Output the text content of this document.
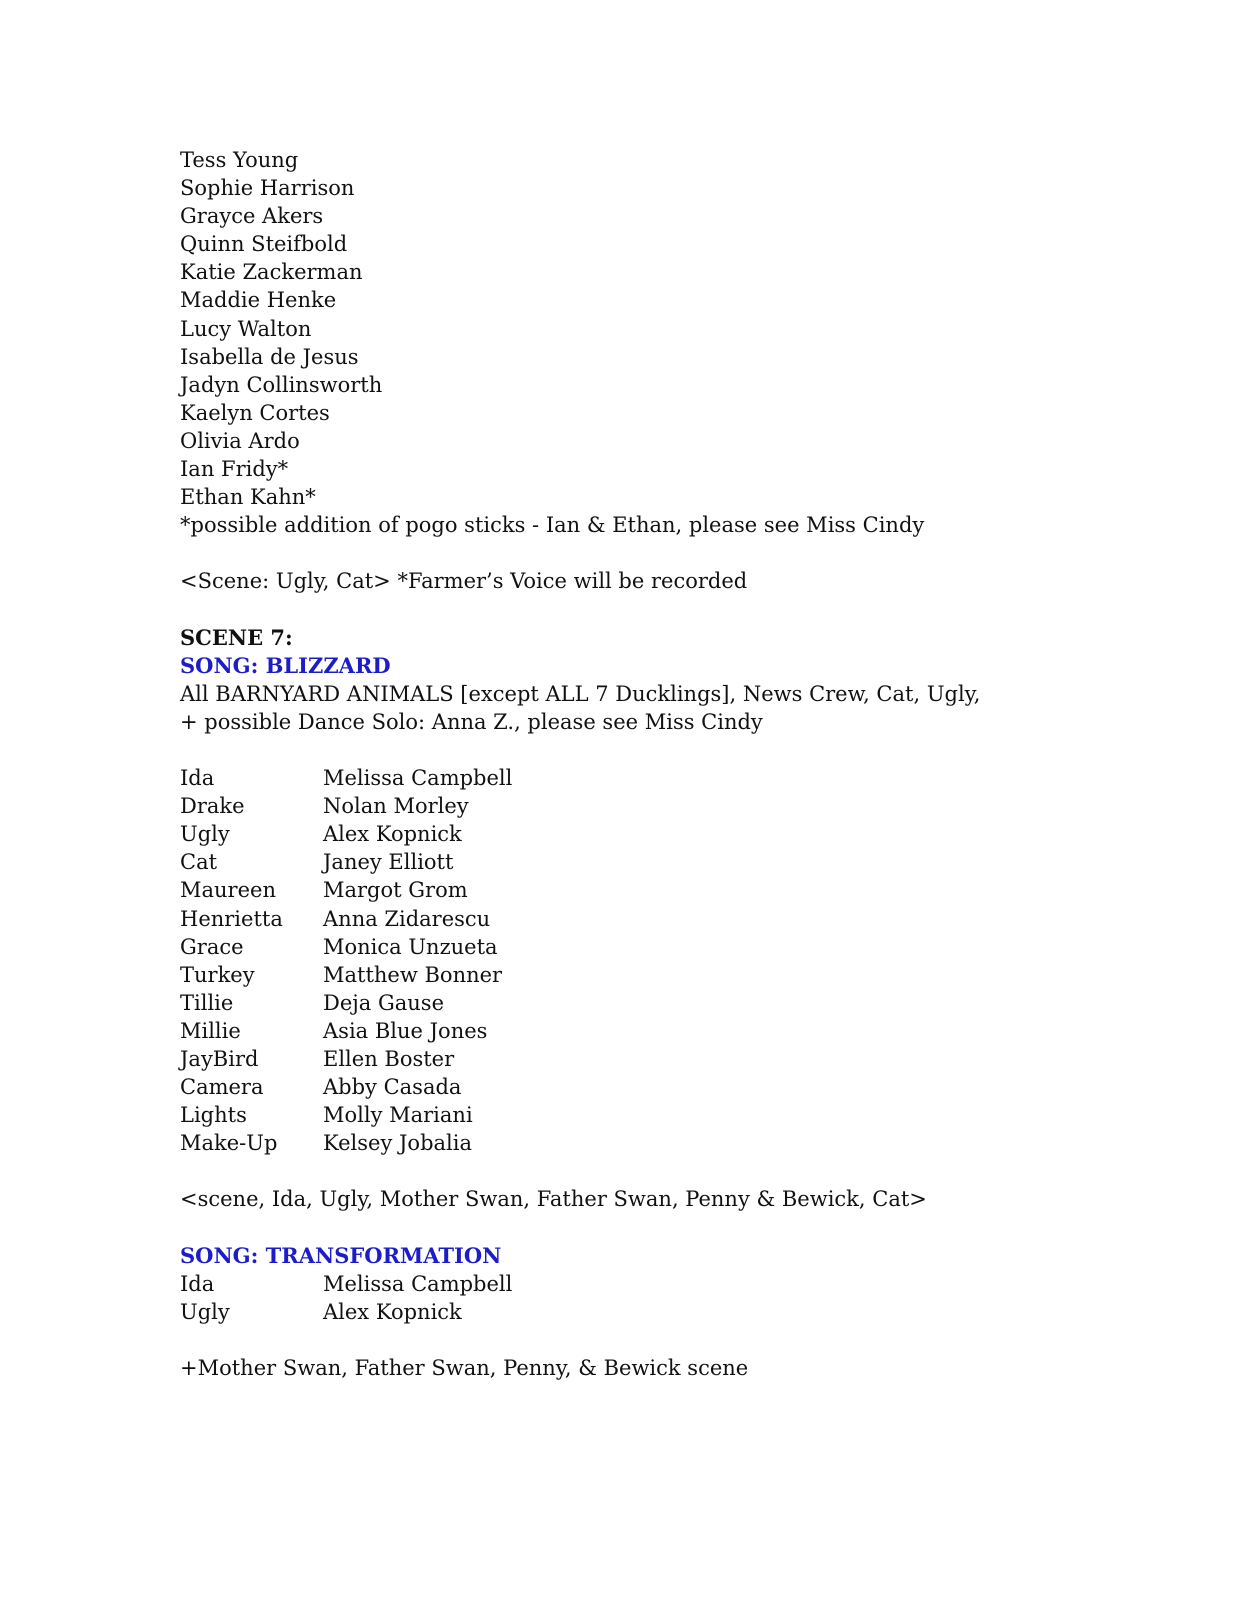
Tess Young
Sophie Harrison
Grayce Akers
Quinn Steifbold
Katie Zackerman
Maddie Henke
Lucy Walton
Isabella de Jesus
Jadyn Collinsworth
Kaelyn Cortes
Olivia Ardo
Ian Fridy*
Ethan Kahn*
*possible addition of pogo sticks - Ian & Ethan, please see Miss Cindy
<Scene: Ugly, Cat> *Farmer’s Voice will be recorded
SCENE 7:
SONG: BLIZZARD
All BARNYARD ANIMALS [except ALL 7 Ducklings], News Crew, Cat, Ugly,
+ possible Dance Solo: Anna Z., please see Miss Cindy
Ida	Melissa Campbell
Drake	Nolan Morley
Ugly	Alex Kopnick
Cat	Janey Elliott
Maureen	Margot Grom
Henrietta	Anna Zidarescu
Grace	Monica Unzueta
Turkey	Matthew Bonner
Tillie	Deja Gause
Millie	Asia Blue Jones
JayBird	Ellen Boster
Camera	Abby Casada
Lights	Molly Mariani
Make-Up	Kelsey Jobalia
<scene, Ida, Ugly, Mother Swan, Father Swan, Penny & Bewick, Cat>
SONG: TRANSFORMATION
Ida	Melissa Campbell
Ugly	Alex Kopnick
+Mother Swan, Father Swan, Penny, & Bewick scene
